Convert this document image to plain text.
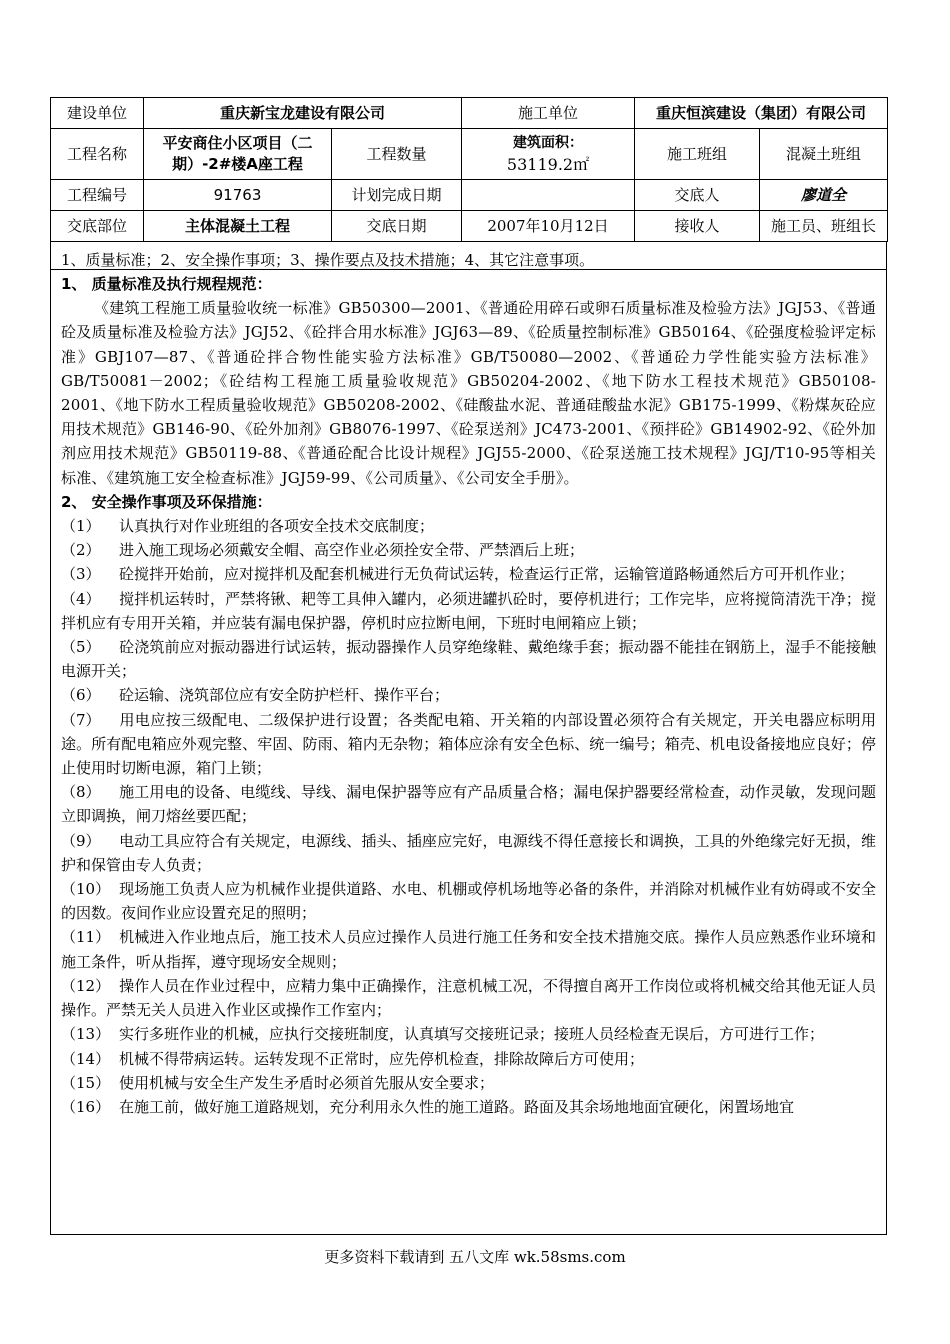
建设单位	重庆新宝龙建设有限公司		施工单位	重庆恒滨建设（集团）有限公司	
工程名称	平安商住小区项目（二期）-2#楼A座工程	工程数量	建筑面积：
53119.2㎡	施工班组	混凝土班组
工程编号	91763	计划完成日期		交底人	廖道全
交底部位	主体混凝土工程	交底日期	2007年10月12日	接收人	施工员、班组长
1、质量标准；2、安全操作事项；3、操作要点及技术措施；4、其它注意事项。
1、 质量标准及执行规程规范：
《建筑工程施工质量验收统一标准》GB50300—2001、《普通砼用碎石或卵石质量标准及检验方法》JGJ53、《普通砼及质量标准及检验方法》JGJ52、《砼拌合用水标准》JGJ63—89、《砼质量控制标准》GB50164、《砼强度检验评定标准》GBJ107—87、《普通砼拌合物性能实验方法标准》GB/T50080—2002、《普通砼力学性能实验方法标准》GB/T50081－2002；《砼结构工程施工质量验收规范》GB50204-2002、《地下防水工程技术规范》GB50108-2001、《地下防水工程质量验收规范》GB50208-2002、《硅酸盐水泥、普通硅酸盐水泥》GB175-1999、《粉煤灰砼应用技术规范》GB146-90、《砼外加剂》GB8076-1997、《砼泵送剂》JC473-2001、《预拌砼》GB14902-92、《砼外加剂应用技术规范》GB50119-88、《普通砼配合比设计规程》JGJ55-2000、《砼泵送施工技术规程》JGJ/T10-95等相关标准、《建筑施工安全检查标准》JGJ59-99、《公司质量》、《公司安全手册》。
2、 安全操作事项及环保措施：
（1） 认真执行对作业班组的各项安全技术交底制度；
（2） 进入施工现场必须戴安全帽、高空作业必须拴安全带、严禁酒后上班；
（3） 砼搅拌开始前，应对搅拌机及配套机械进行无负荷试运转，检查运行正常，运输管道路畅通然后方可开机作业；
（4） 搅拌机运转时，严禁将锹、耙等工具伸入罐内，必须进罐扒砼时，要停机进行；工作完毕，应将搅筒清洗干净；搅拌机应有专用开关箱，并应装有漏电保护器，停机时应拉断电闸，下班时电闸箱应上锁；
（5） 砼浇筑前应对振动器进行试运转，振动器操作人员穿绝缘鞋、戴绝缘手套；振动器不能挂在钢筋上，湿手不能接触电源开关；
（6） 砼运输、浇筑部位应有安全防护栏杆、操作平台；
（7） 用电应按三级配电、二级保护进行设置；各类配电箱、开关箱的内部设置必须符合有关规定，开关电器应标明用途。所有配电箱应外观完整、牢固、防雨、箱内无杂物；箱体应涂有安全色标、统一编号；箱壳、机电设备接地应良好；停止使用时切断电源，箱门上锁；
（8） 施工用电的设备、电缆线、导线、漏电保护器等应有产品质量合格；漏电保护器要经常检查，动作灵敏，发现问题立即调换，闸刀熔丝要匹配；
（9） 电动工具应符合有关规定，电源线、插头、插座应完好，电源线不得任意接长和调换，工具的外绝缘完好无损，维护和保管由专人负责；
（10） 现场施工负责人应为机械作业提供道路、水电、机棚或停机场地等必备的条件，并消除对机械作业有妨碍或不安全的因数。夜间作业应设置充足的照明；
（11） 机械进入作业地点后，施工技术人员应过操作人员进行施工任务和安全技术措施交底。操作人员应熟悉作业环境和施工条件，听从指挥，遵守现场安全规则；
（12） 操作人员在作业过程中，应精力集中正确操作，注意机械工况，不得擅自离开工作岗位或将机械交给其他无证人员操作。严禁无关人员进入作业区或操作工作室内；
（13） 实行多班作业的机械，应执行交接班制度，认真填写交接班记录；接班人员经检查无误后，方可进行工作；
（14） 机械不得带病运转。运转发现不正常时，应先停机检查，排除故障后方可使用；
（15） 使用机械与安全生产发生矛盾时必须首先服从安全要求；
（16） 在施工前，做好施工道路规划，充分利用永久性的施工道路。路面及其余场地地面宜硬化，闲置场地宜
更多资料下载请到 五八文库 wk.58sms.com
